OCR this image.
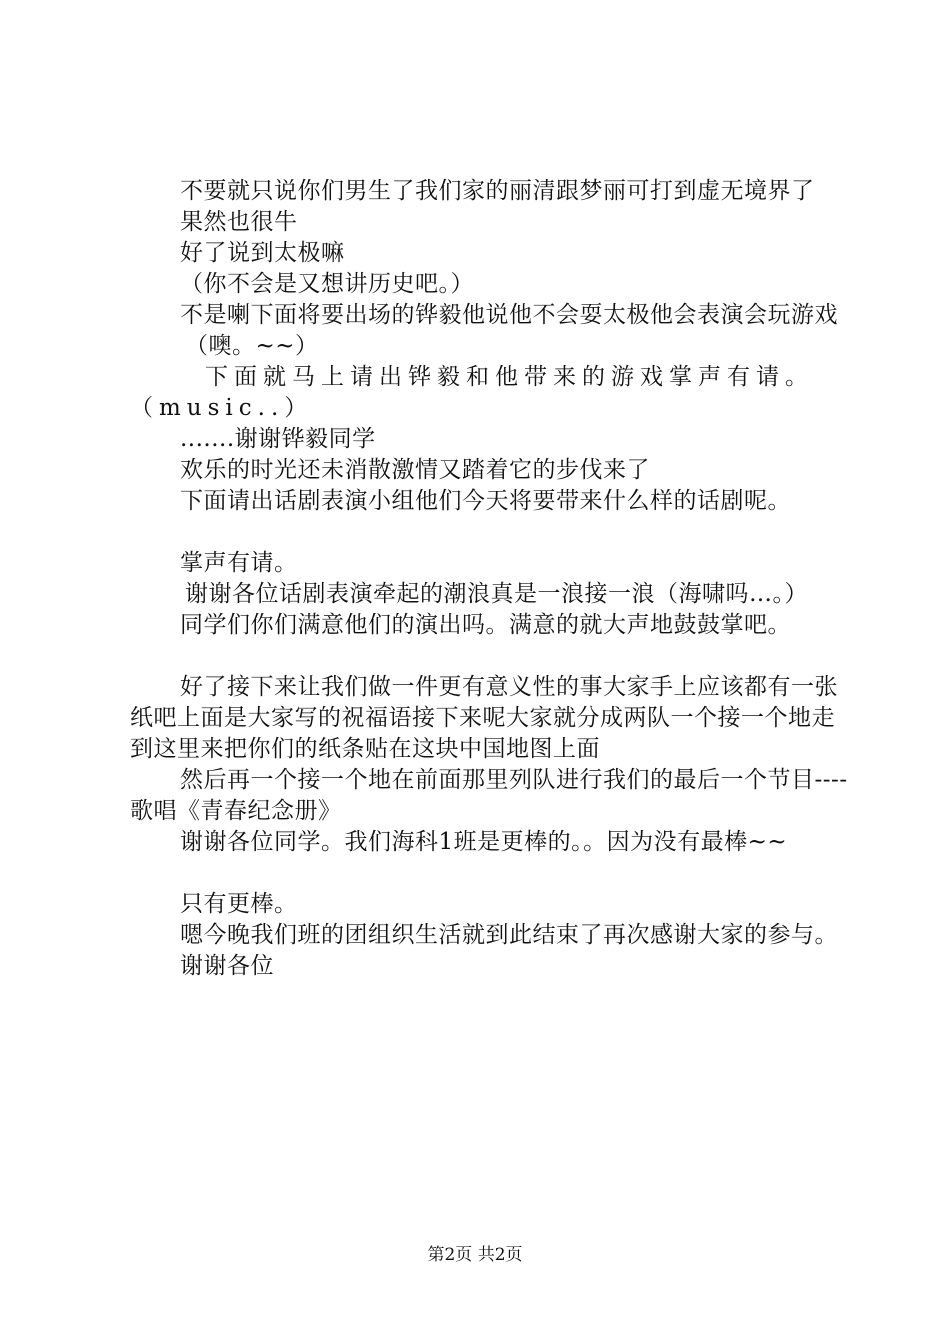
不要就只说你们男生了我们家的丽清跟梦丽可打到虚无境界了

果然也很牛

好了说到太极嘛

（你不会是又想讲历史吧。）

不是喇下面将要出场的铧毅他说他不会耍太极他会表演会玩游戏

（噢。~~）

下面就马上请出铧毅和他带来的游戏掌声有请。（music..）

.......谢谢铧毅同学

欢乐的时光还未消散激情又踏着它的步伐来了

下面请出话剧表演小组他们今天将要带来什么样的话剧呢。

掌声有请。

谢谢各位话剧表演牵起的潮浪真是一浪接一浪（海啸吗…。）

同学们你们满意他们的演出吗。满意的就大声地鼓鼓掌吧。

好了接下来让我们做一件更有意义性的事大家手上应该都有一张纸吧上面是大家写的祝福语接下来呢大家就分成两队一个接一个地走到这里来把你们的纸条贴在这块中国地图上面

然后再一个接一个地在前面那里列队进行我们的最后一个节目----歌唱《青春纪念册》

谢谢各位同学。我们海科1班是更棒的。。因为没有最棒~~

只有更棒。

嗯今晚我们班的团组织生活就到此结束了再次感谢大家的参与。

谢谢各位

第2页 共2页
